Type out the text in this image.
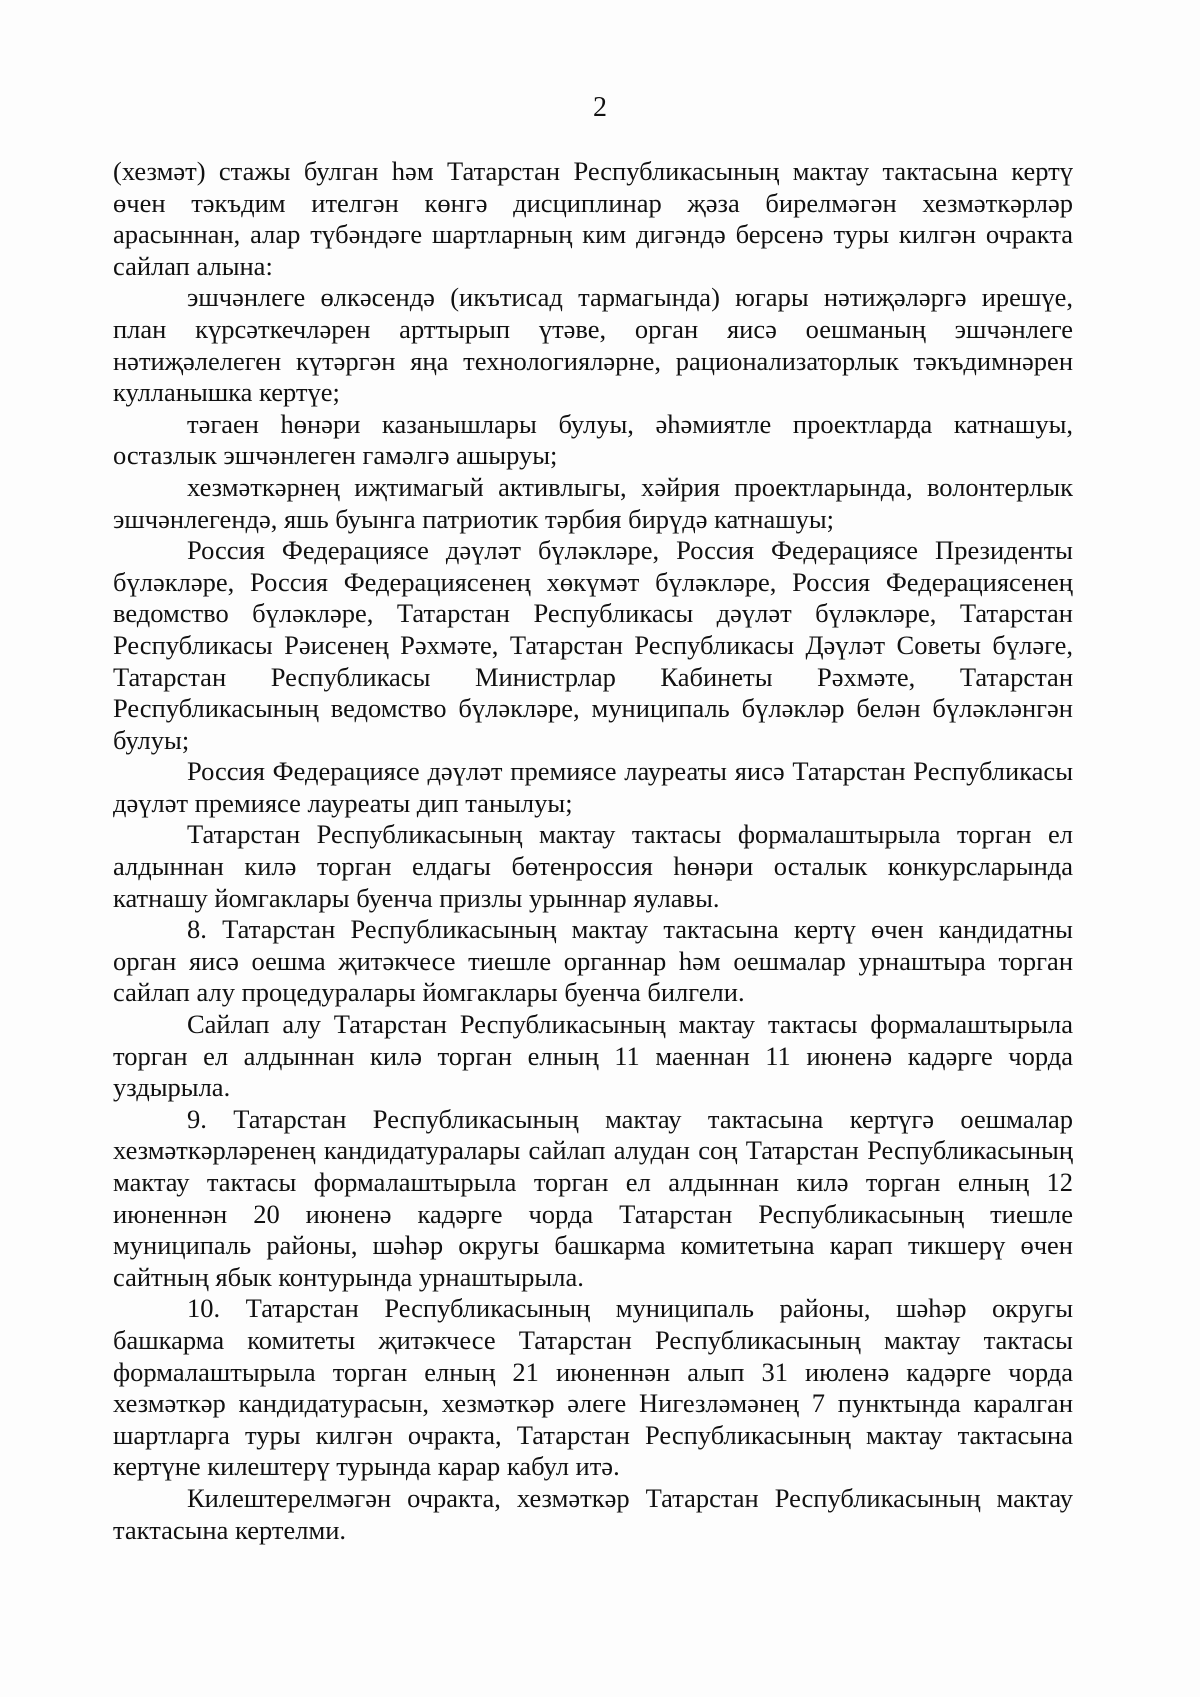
2

(хезмәт) стажы булган һәм Татарстан Республикасының мактау тактасына кертү өчен тәкъдим ителгән көнгә дисциплинар җәза бирелмәгән хезмәткәрләр арасыннан, алар түбәндәге шартларның ким дигәндә берсенә туры килгән очракта сайлап алына:

эшчәнлеге өлкәсендә (икътисад тармагында) югары нәтиҗәләргә ирешүе, план күрсәткечләрен арттырып үтәве, орган яисә оешманың эшчәнлеге нәтиҗәлелеген күтәргән яңа технологияләрне, рационализаторлык тәкъдимнәрен кулланышка кертүе;

тәгаен һөнәри казанышлары булуы, әһәмиятле проектларда катнашуы, остазлык эшчәнлеген гамәлгә ашыруы;

хезмәткәрнең иҗтимагый активлыгы, хәйрия проектларында, волонтерлык эшчәнлегендә, яшь буынга патриотик тәрбия бирүдә катнашуы;

Россия Федерациясе дәүләт бүләкләре, Россия Федерациясе Президенты бүләкләре, Россия Федерациясенең хөкүмәт бүләкләре, Россия Федерациясенең ведомство бүләкләре, Татарстан Республикасы дәүләт бүләкләре, Татарстан Республикасы Рәисенең Рәхмәте, Татарстан Республикасы Дәүләт Советы бүләге, Татарстан Республикасы Министрлар Кабинеты Рәхмәте, Татарстан Республикасының ведомство бүләкләре, муниципаль бүләкләр белән бүләкләнгән булуы;

Россия Федерациясе дәүләт премиясе лауреаты яисә Татарстан Республикасы дәүләт премиясе лауреаты дип танылуы;

Татарстан Республикасының мактау тактасы формалаштырыла торган ел алдыннан килә торган елдагы бөтенроссия һөнәри осталык конкурсларында катнашу йомгаклары буенча призлы урыннар яулавы.

8. Татарстан Республикасының мактау тактасына кертү өчен кандидатны орган яисә оешма җитәкчесе тиешле органнар һәм оешмалар урнаштыра торган сайлап алу процедуралары йомгаклары буенча билгели.

Сайлап алу Татарстан Республикасының мактау тактасы формалаштырыла торган ел алдыннан килә торган елның 11 маеннан 11 июненә кадәрге чорда уздырыла.

9. Татарстан Республикасының мактау тактасына кертүгә оешмалар хезмәткәрләренең кандидатуралары сайлап алудан соң Татарстан Республикасының мактау тактасы формалаштырыла торган ел алдыннан килә торган елның 12 июненнән 20 июненә кадәрге чорда Татарстан Республикасының тиешле муниципаль районы, шәһәр округы башкарма комитетына карап тикшерү өчен сайтның ябык контурында урнаштырыла.

10. Татарстан Республикасының муниципаль районы, шәһәр округы башкарма комитеты җитәкчесе Татарстан Республикасының мактау тактасы формалаштырыла торган елның 21 июненнән алып 31 июленә кадәрге чорда хезмәткәр кандидатурасын, хезмәткәр әлеге Нигезләмәнең 7 пунктында каралган шартларга туры килгән очракта, Татарстан Республикасының мактау тактасына кертүне килештерү турында карар кабул итә.

Килештерелмәгән очракта, хезмәткәр Татарстан Республикасының мактау тактасына кертелми.
